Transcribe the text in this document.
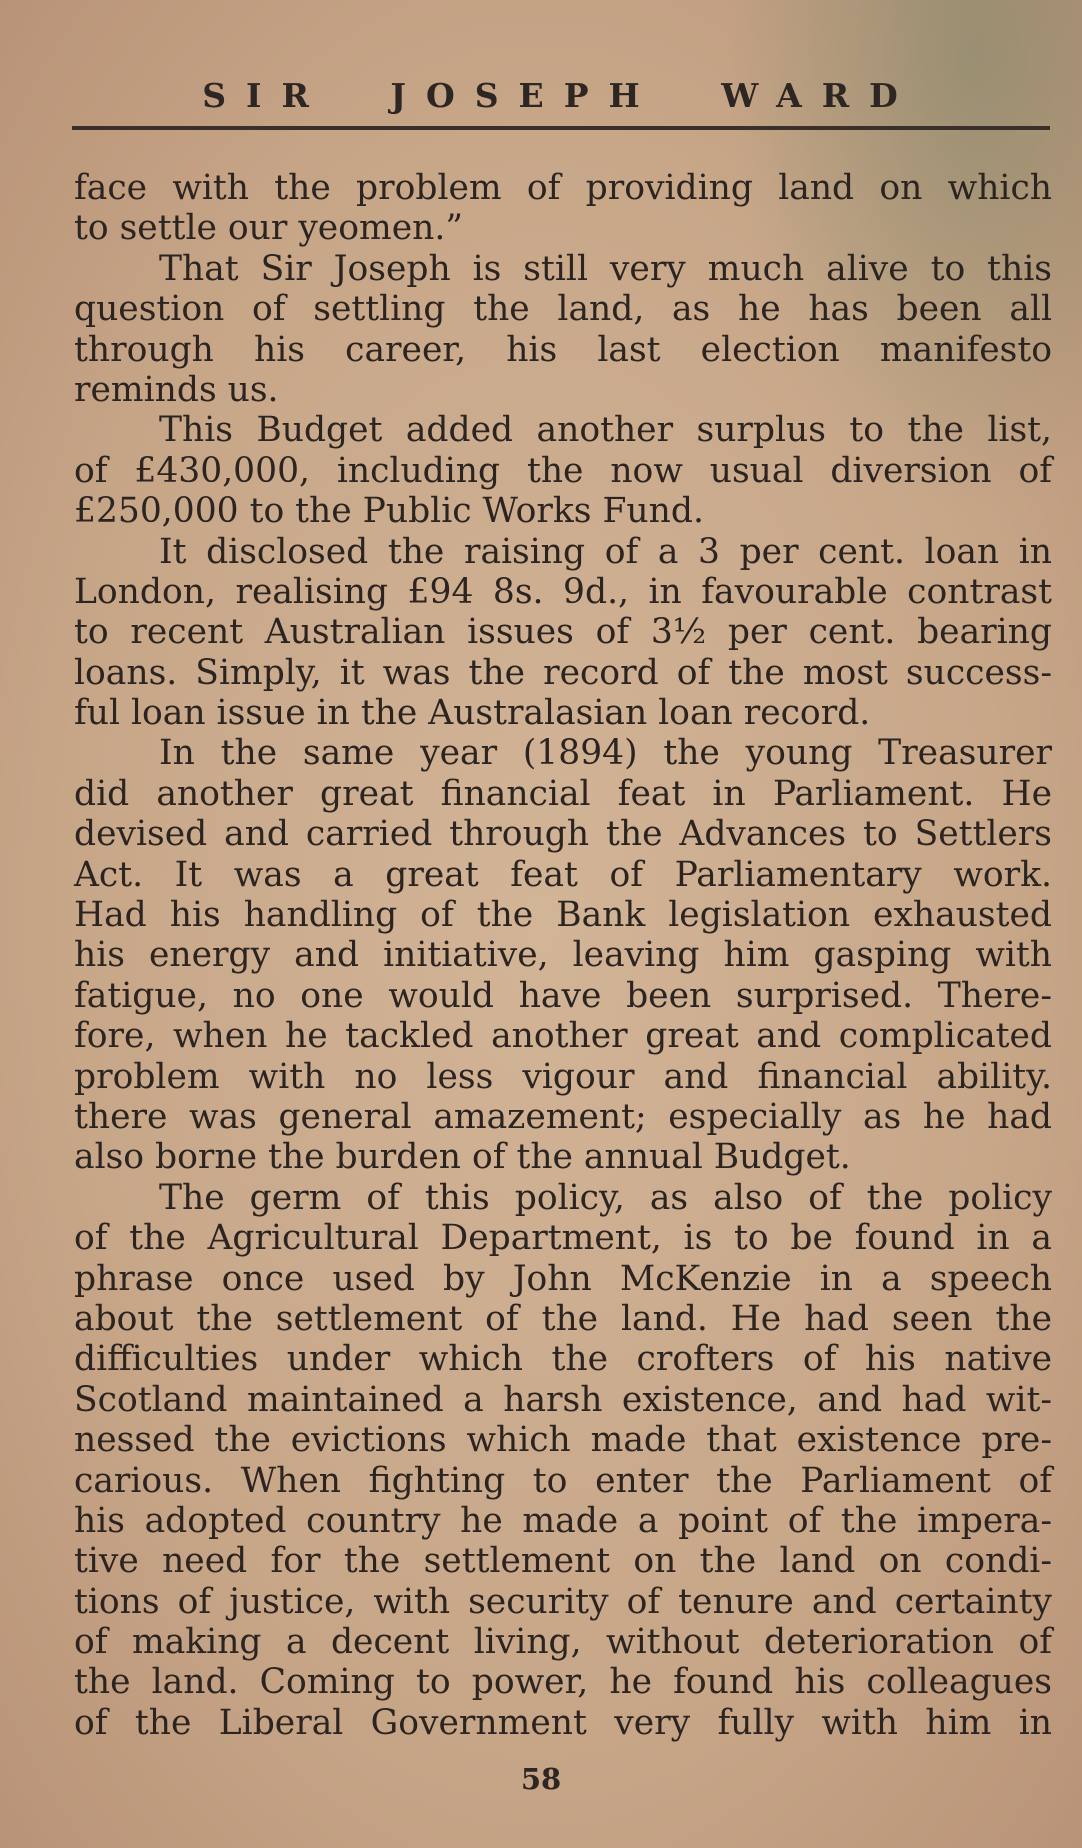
SIR JOSEPH WARD
face with the problem of providing land on which
to settle our yeomen.”
That Sir Joseph is still very much alive to this
question of settling the land, as he has been all
through his career, his last election manifesto
reminds us.
This Budget added another surplus to the list,
of £430,000, including the now usual diversion of
£250,000 to the Public Works Fund.
It disclosed the raising of a 3 per cent. loan in
London, realising £94 8s. 9d., in favourable contrast
to recent Australian issues of 3½ per cent. bearing
loans. Simply, it was the record of the most success-
ful loan issue in the Australasian loan record.
In the same year (1894) the young Treasurer
did another great financial feat in Parliament. He
devised and carried through the Advances to Settlers
Act. It was a great feat of Parliamentary work.
Had his handling of the Bank legislation exhausted
his energy and initiative, leaving him gasping with
fatigue, no one would have been surprised. There-
fore, when he tackled another great and complicated
problem with no less vigour and financial ability.
there was general amazement; especially as he had
also borne the burden of the annual Budget.
The germ of this policy, as also of the policy
of the Agricultural Department, is to be found in a
phrase once used by John McKenzie in a speech
about the settlement of the land. He had seen the
difficulties under which the crofters of his native
Scotland maintained a harsh existence, and had wit-
nessed the evictions which made that existence pre-
carious. When fighting to enter the Parliament of
his adopted country he made a point of the impera-
tive need for the settlement on the land on condi-
tions of justice, with security of tenure and certainty
of making a decent living, without deterioration of
the land. Coming to power, he found his colleagues
of the Liberal Government very fully with him in
58
